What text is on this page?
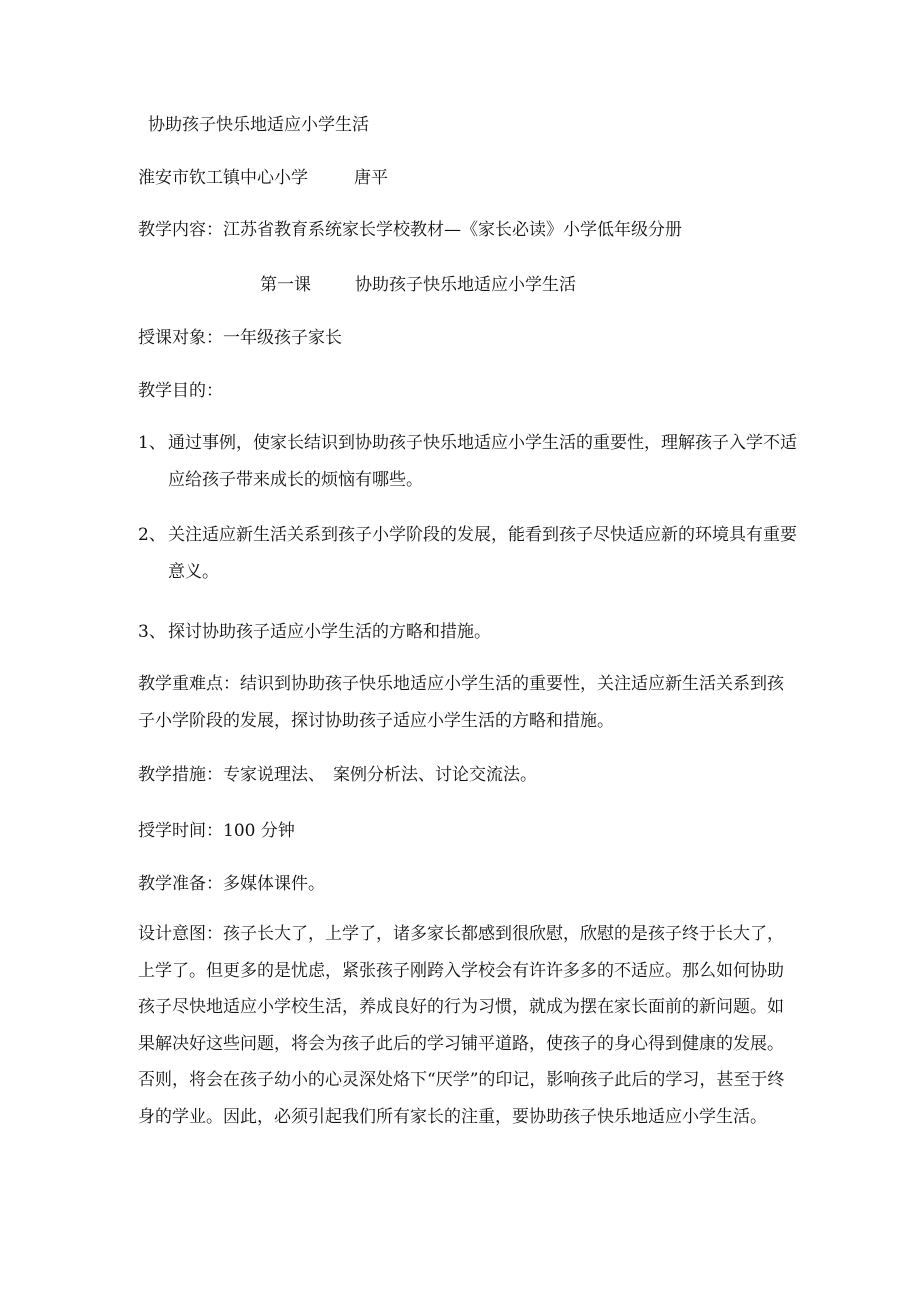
协助孩子快乐地适应小学生活
淮安市钦工镇中心小学	唐平
教学内容：江苏省教育系统家长学校教材—《家长必读》小学低年级分册
第一课	协助孩子快乐地适应小学生活
授课对象：一年级孩子家长
教学目的：
1、 通过事例，使家长结识到协助孩子快乐地适应小学生活的重要性，理解孩子入学不适应给孩子带来成长的烦恼有哪些。
2、 关注适应新生活关系到孩子小学阶段的发展，能看到孩子尽快适应新的环境具有重要意义。
3、 探讨协助孩子适应小学生活的方略和措施。
教学重难点：结识到协助孩子快乐地适应小学生活的重要性，关注适应新生活关系到孩子小学阶段的发展，探讨协助孩子适应小学生活的方略和措施。
教学措施：专家说理法、 案例分析法、讨论交流法。
授学时间：100 分钟
教学准备：多媒体课件。
设计意图：孩子长大了，上学了，诸多家长都感到很欣慰，欣慰的是孩子终于长大了，上学了。但更多的是忧虑，紧张孩子刚跨入学校会有许许多多的不适应。那么如何协助孩子尽快地适应小学校生活，养成良好的行为习惯，就成为摆在家长面前的新问题。如果解决好这些问题，将会为孩子此后的学习铺平道路，使孩子的身心得到健康的发展。否则，将会在孩子幼小的心灵深处烙下“厌学”的印记，影响孩子此后的学习，甚至于终身的学业。因此，必须引起我们所有家长的注重，要协助孩子快乐地适应小学生活。
